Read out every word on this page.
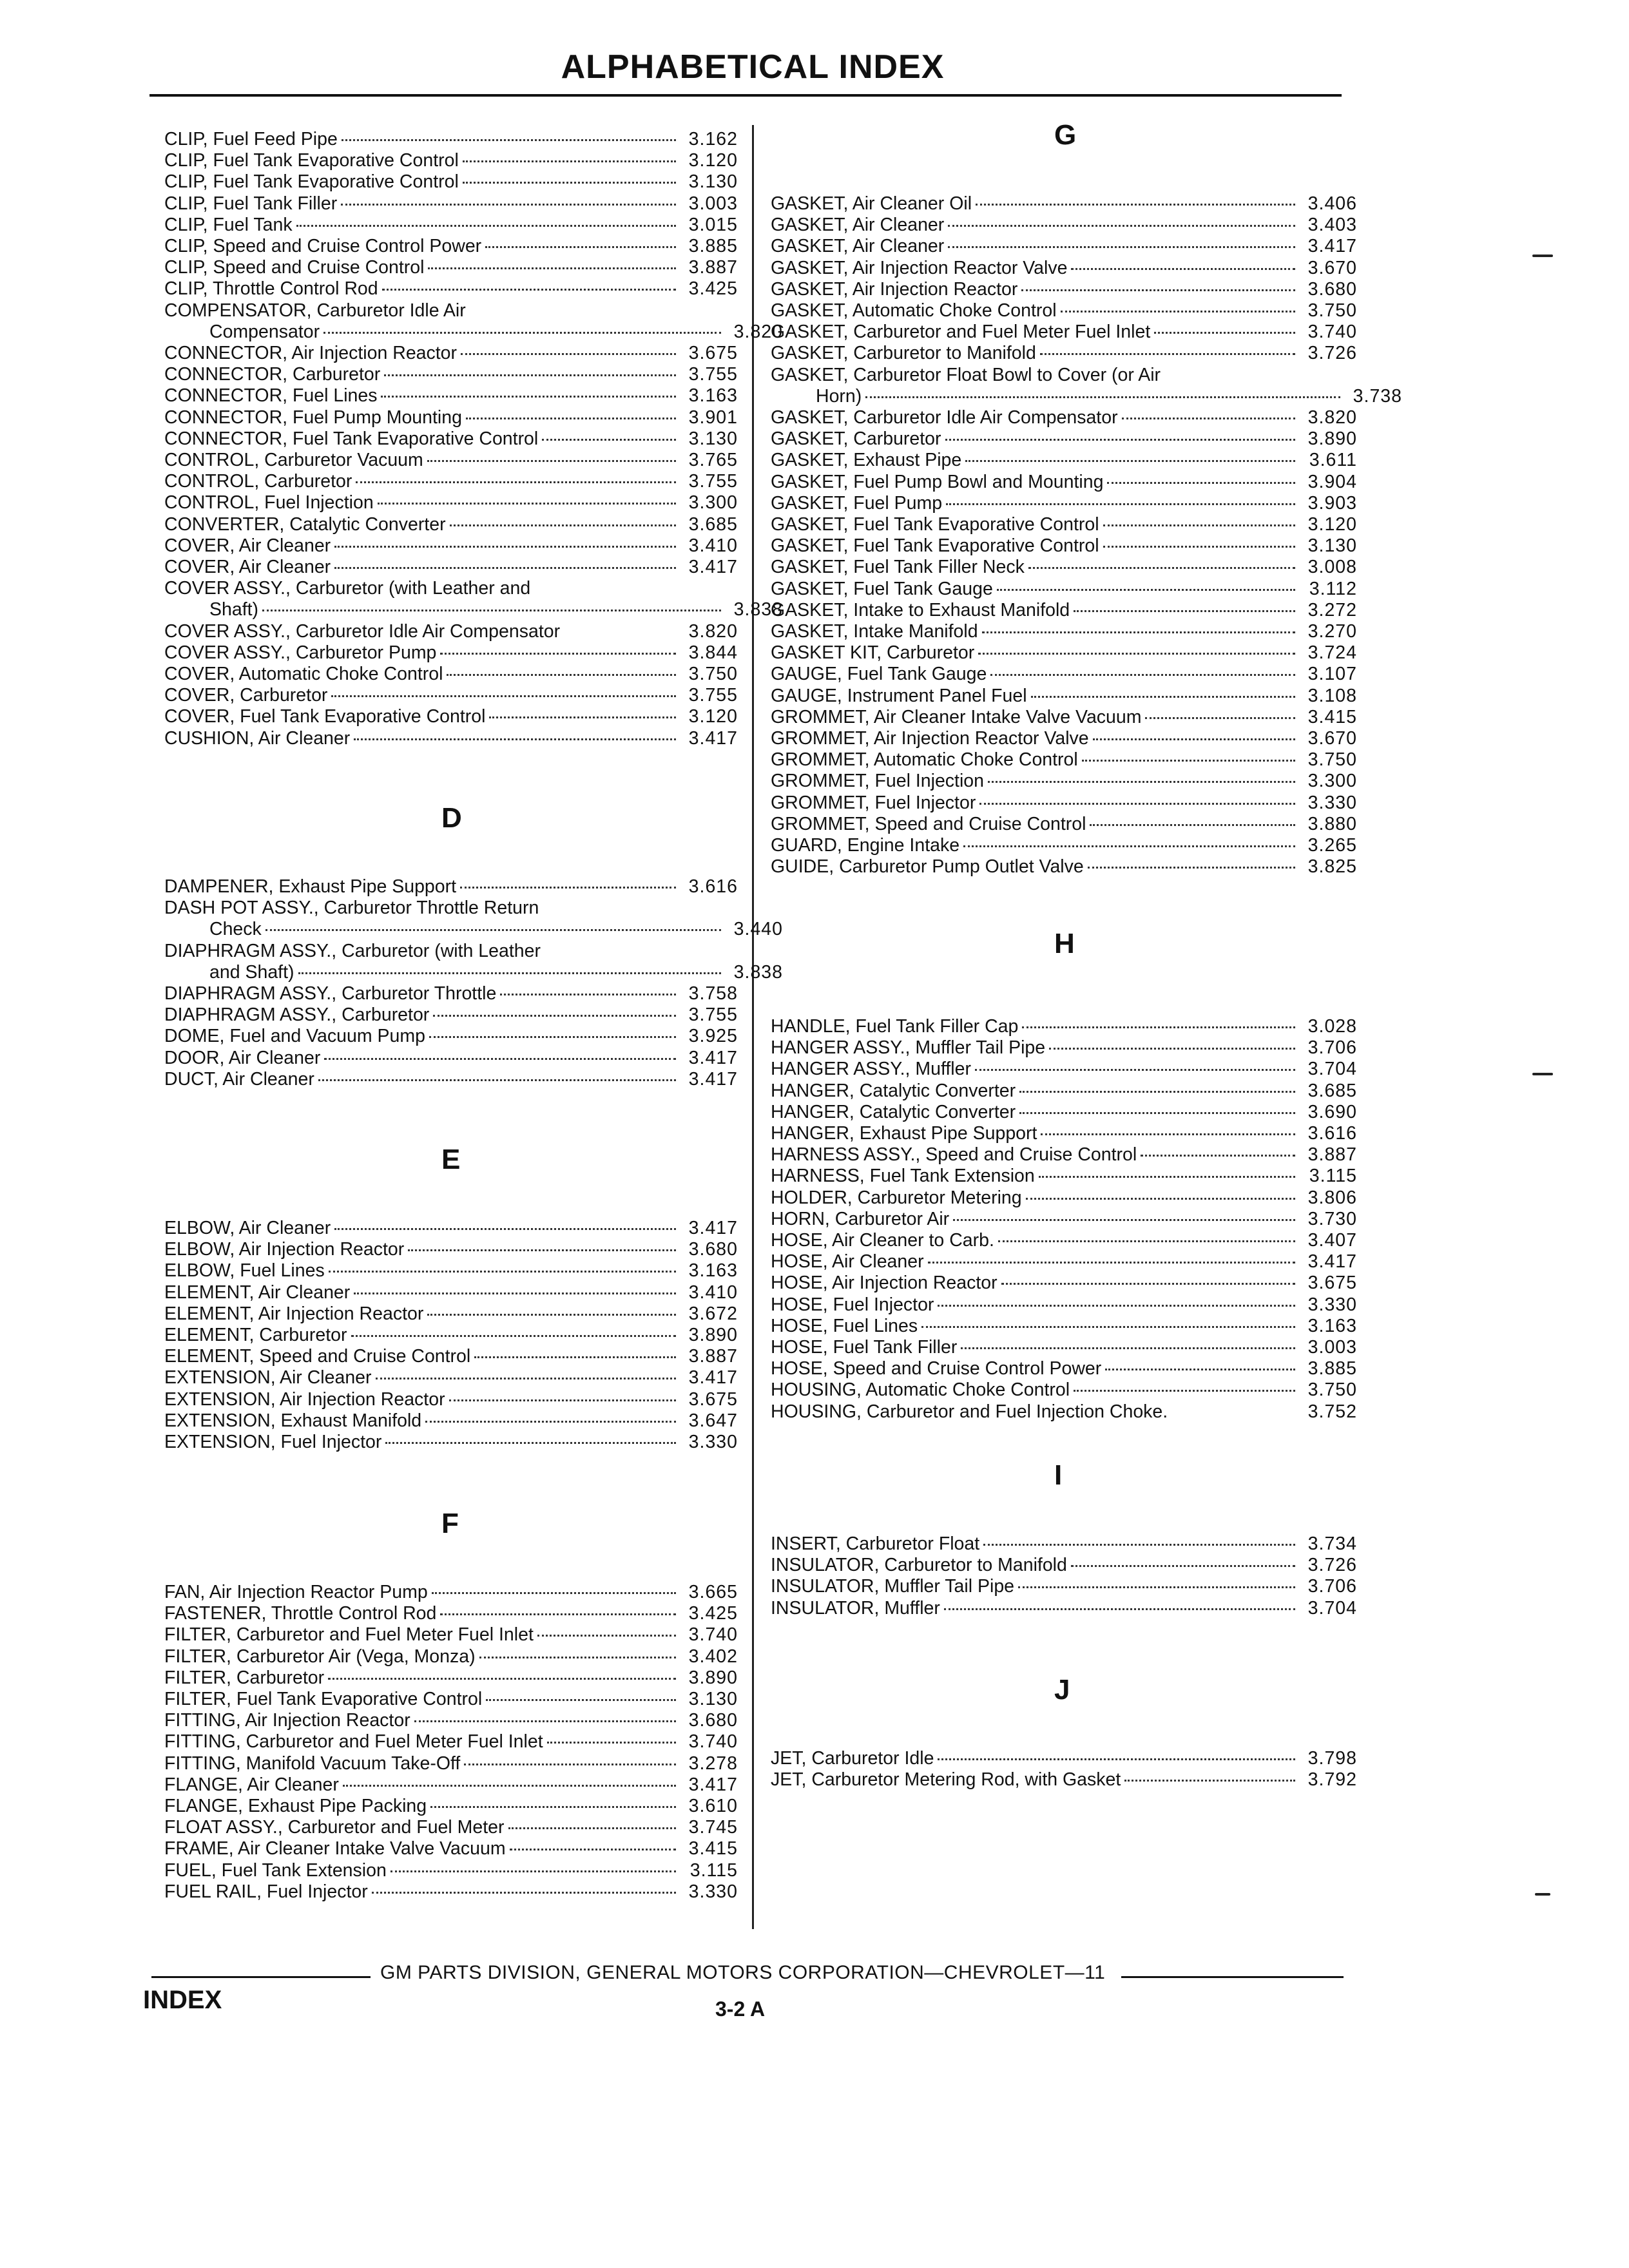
ALPHABETICAL INDEX
CLIP, Fuel Feed Pipe	3.162
CLIP, Fuel Tank Evaporative Control	3.120
CLIP, Fuel Tank Evaporative Control	3.130
CLIP, Fuel Tank Filler	3.003
CLIP, Fuel Tank	3.015
CLIP, Speed and Cruise Control Power	3.885
CLIP, Speed and Cruise Control	3.887
CLIP, Throttle Control Rod	3.425
COMPENSATOR, Carburetor Idle Air
Compensator	3.820
CONNECTOR, Air Injection Reactor	3.675
CONNECTOR, Carburetor	3.755
CONNECTOR, Fuel Lines	3.163
CONNECTOR, Fuel Pump Mounting	3.901
CONNECTOR, Fuel Tank Evaporative Control	3.130
CONTROL, Carburetor Vacuum	3.765
CONTROL, Carburetor	3.755
CONTROL, Fuel Injection	3.300
CONVERTER, Catalytic Converter	3.685
COVER, Air Cleaner	3.410
COVER, Air Cleaner	3.417
COVER ASSY., Carburetor (with Leather and
Shaft)	3.838
COVER ASSY., Carburetor Idle Air Compensator	3.820
COVER ASSY., Carburetor Pump	3.844
COVER, Automatic Choke Control	3.750
COVER, Carburetor	3.755
COVER, Fuel Tank Evaporative Control	3.120
CUSHION, Air Cleaner	3.417
D
DAMPENER, Exhaust Pipe Support	3.616
DASH POT ASSY., Carburetor Throttle Return
Check	3.440
DIAPHRAGM ASSY., Carburetor (with Leather
and Shaft)	3.838
DIAPHRAGM ASSY., Carburetor Throttle	3.758
DIAPHRAGM ASSY., Carburetor	3.755
DOME, Fuel and Vacuum Pump	3.925
DOOR, Air Cleaner	3.417
DUCT, Air Cleaner	3.417
E
ELBOW, Air Cleaner	3.417
ELBOW, Air Injection Reactor	3.680
ELBOW, Fuel Lines	3.163
ELEMENT, Air Cleaner	3.410
ELEMENT, Air Injection Reactor	3.672
ELEMENT, Carburetor	3.890
ELEMENT, Speed and Cruise Control	3.887
EXTENSION, Air Cleaner	3.417
EXTENSION, Air Injection Reactor	3.675
EXTENSION, Exhaust Manifold	3.647
EXTENSION, Fuel Injector	3.330
F
FAN, Air Injection Reactor Pump	3.665
FASTENER, Throttle Control Rod	3.425
FILTER, Carburetor and Fuel Meter Fuel Inlet	3.740
FILTER, Carburetor Air (Vega, Monza)	3.402
FILTER, Carburetor	3.890
FILTER, Fuel Tank Evaporative Control	3.130
FITTING, Air Injection Reactor	3.680
FITTING, Carburetor and Fuel Meter Fuel Inlet	3.740
FITTING, Manifold Vacuum Take-Off	3.278
FLANGE, Air Cleaner	3.417
FLANGE, Exhaust Pipe Packing	3.610
FLOAT ASSY., Carburetor and Fuel Meter	3.745
FRAME, Air Cleaner Intake Valve Vacuum	3.415
FUEL, Fuel Tank Extension	3.115
FUEL RAIL, Fuel Injector	3.330
G
GASKET, Air Cleaner Oil	3.406
GASKET, Air Cleaner	3.403
GASKET, Air Cleaner	3.417
GASKET, Air Injection Reactor Valve	3.670
GASKET, Air Injection Reactor	3.680
GASKET, Automatic Choke Control	3.750
GASKET, Carburetor and Fuel Meter Fuel Inlet	3.740
GASKET, Carburetor to Manifold	3.726
GASKET, Carburetor Float Bowl to Cover (or Air
Horn)	3.738
GASKET, Carburetor Idle Air Compensator	3.820
GASKET, Carburetor	3.890
GASKET, Exhaust Pipe	3.611
GASKET, Fuel Pump Bowl and Mounting	3.904
GASKET, Fuel Pump	3.903
GASKET, Fuel Tank Evaporative Control	3.120
GASKET, Fuel Tank Evaporative Control	3.130
GASKET, Fuel Tank Filler Neck	3.008
GASKET, Fuel Tank Gauge	3.112
GASKET, Intake to Exhaust Manifold	3.272
GASKET, Intake Manifold	3.270
GASKET KIT, Carburetor	3.724
GAUGE, Fuel Tank Gauge	3.107
GAUGE, Instrument Panel Fuel	3.108
GROMMET, Air Cleaner Intake Valve Vacuum	3.415
GROMMET, Air Injection Reactor Valve	3.670
GROMMET, Automatic Choke Control	3.750
GROMMET, Fuel Injection	3.300
GROMMET, Fuel Injector	3.330
GROMMET, Speed and Cruise Control	3.880
GUARD, Engine Intake	3.265
GUIDE, Carburetor Pump Outlet Valve	3.825
H
HANDLE, Fuel Tank Filler Cap	3.028
HANGER ASSY., Muffler Tail Pipe	3.706
HANGER ASSY., Muffler	3.704
HANGER, Catalytic Converter	3.685
HANGER, Catalytic Converter	3.690
HANGER, Exhaust Pipe Support	3.616
HARNESS ASSY., Speed and Cruise Control	3.887
HARNESS, Fuel Tank Extension	3.115
HOLDER, Carburetor Metering	3.806
HORN, Carburetor Air	3.730
HOSE, Air Cleaner to Carb.	3.407
HOSE, Air Cleaner	3.417
HOSE, Air Injection Reactor	3.675
HOSE, Fuel Injector	3.330
HOSE, Fuel Lines	3.163
HOSE, Fuel Tank Filler	3.003
HOSE, Speed and Cruise Control Power	3.885
HOUSING, Automatic Choke Control	3.750
HOUSING, Carburetor and Fuel Injection Choke.	3.752
I
INSERT, Carburetor Float	3.734
INSULATOR, Carburetor to Manifold	3.726
INSULATOR, Muffler Tail Pipe	3.706
INSULATOR, Muffler	3.704
J
JET, Carburetor Idle	3.798
JET, Carburetor Metering Rod, with Gasket	3.792
GM PARTS DIVISION, GENERAL MOTORS CORPORATION—CHEVROLET—11
INDEX	3-2 A
